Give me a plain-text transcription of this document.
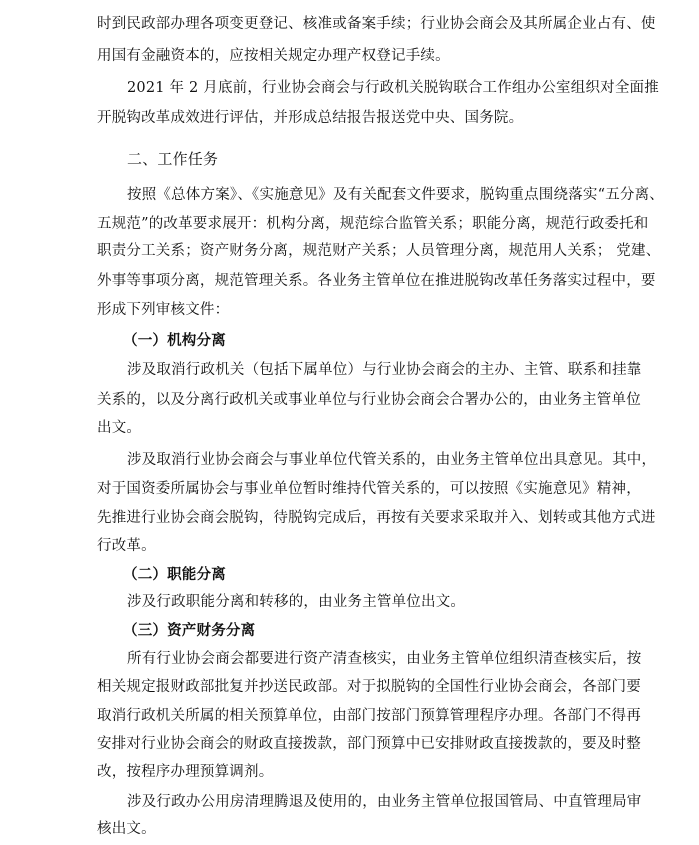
时到民政部办理各项变更登记、核准或备案手续；行业协会商会及其所属企业占有、使
用国有金融资本的，应按相关规定办理产权登记手续。
2021 年 2 月底前，行业协会商会与行政机关脱钩联合工作组办公室组织对全面推
开脱钩改革成效进行评估，并形成总结报告报送党中央、国务院。
二、工作任务
按照《总体方案》、《实施意见》及有关配套文件要求，脱钩重点围绕落实“五分离、
五规范”的改革要求展开：机构分离，规范综合监管关系；职能分离，规范行政委托和
职责分工关系；资产财务分离，规范财产关系；人员管理分离，规范用人关系； 党建、
外事等事项分离，规范管理关系。各业务主管单位在推进脱钩改革任务落实过程中，要
形成下列审核文件：
（一）机构分离
涉及取消行政机关（包括下属单位）与行业协会商会的主办、主管、联系和挂靠
关系的，以及分离行政机关或事业单位与行业协会商会合署办公的，由业务主管单位
出文。
涉及取消行业协会商会与事业单位代管关系的，由业务主管单位出具意见。其中，
对于国资委所属协会与事业单位暂时维持代管关系的，可以按照《实施意见》精神，
先推进行业协会商会脱钩，待脱钩完成后，再按有关要求采取并入、划转或其他方式进
行改革。
（二）职能分离
涉及行政职能分离和转移的，由业务主管单位出文。
（三）资产财务分离
所有行业协会商会都要进行资产清查核实，由业务主管单位组织清查核实后，按
相关规定报财政部批复并抄送民政部。对于拟脱钩的全国性行业协会商会，各部门要
取消行政机关所属的相关预算单位，由部门按部门预算管理程序办理。各部门不得再
安排对行业协会商会的财政直接拨款，部门预算中已安排财政直接拨款的，要及时整
改，按程序办理预算调剂。
涉及行政办公用房清理腾退及使用的，由业务主管单位报国管局、中直管理局审
核出文。
